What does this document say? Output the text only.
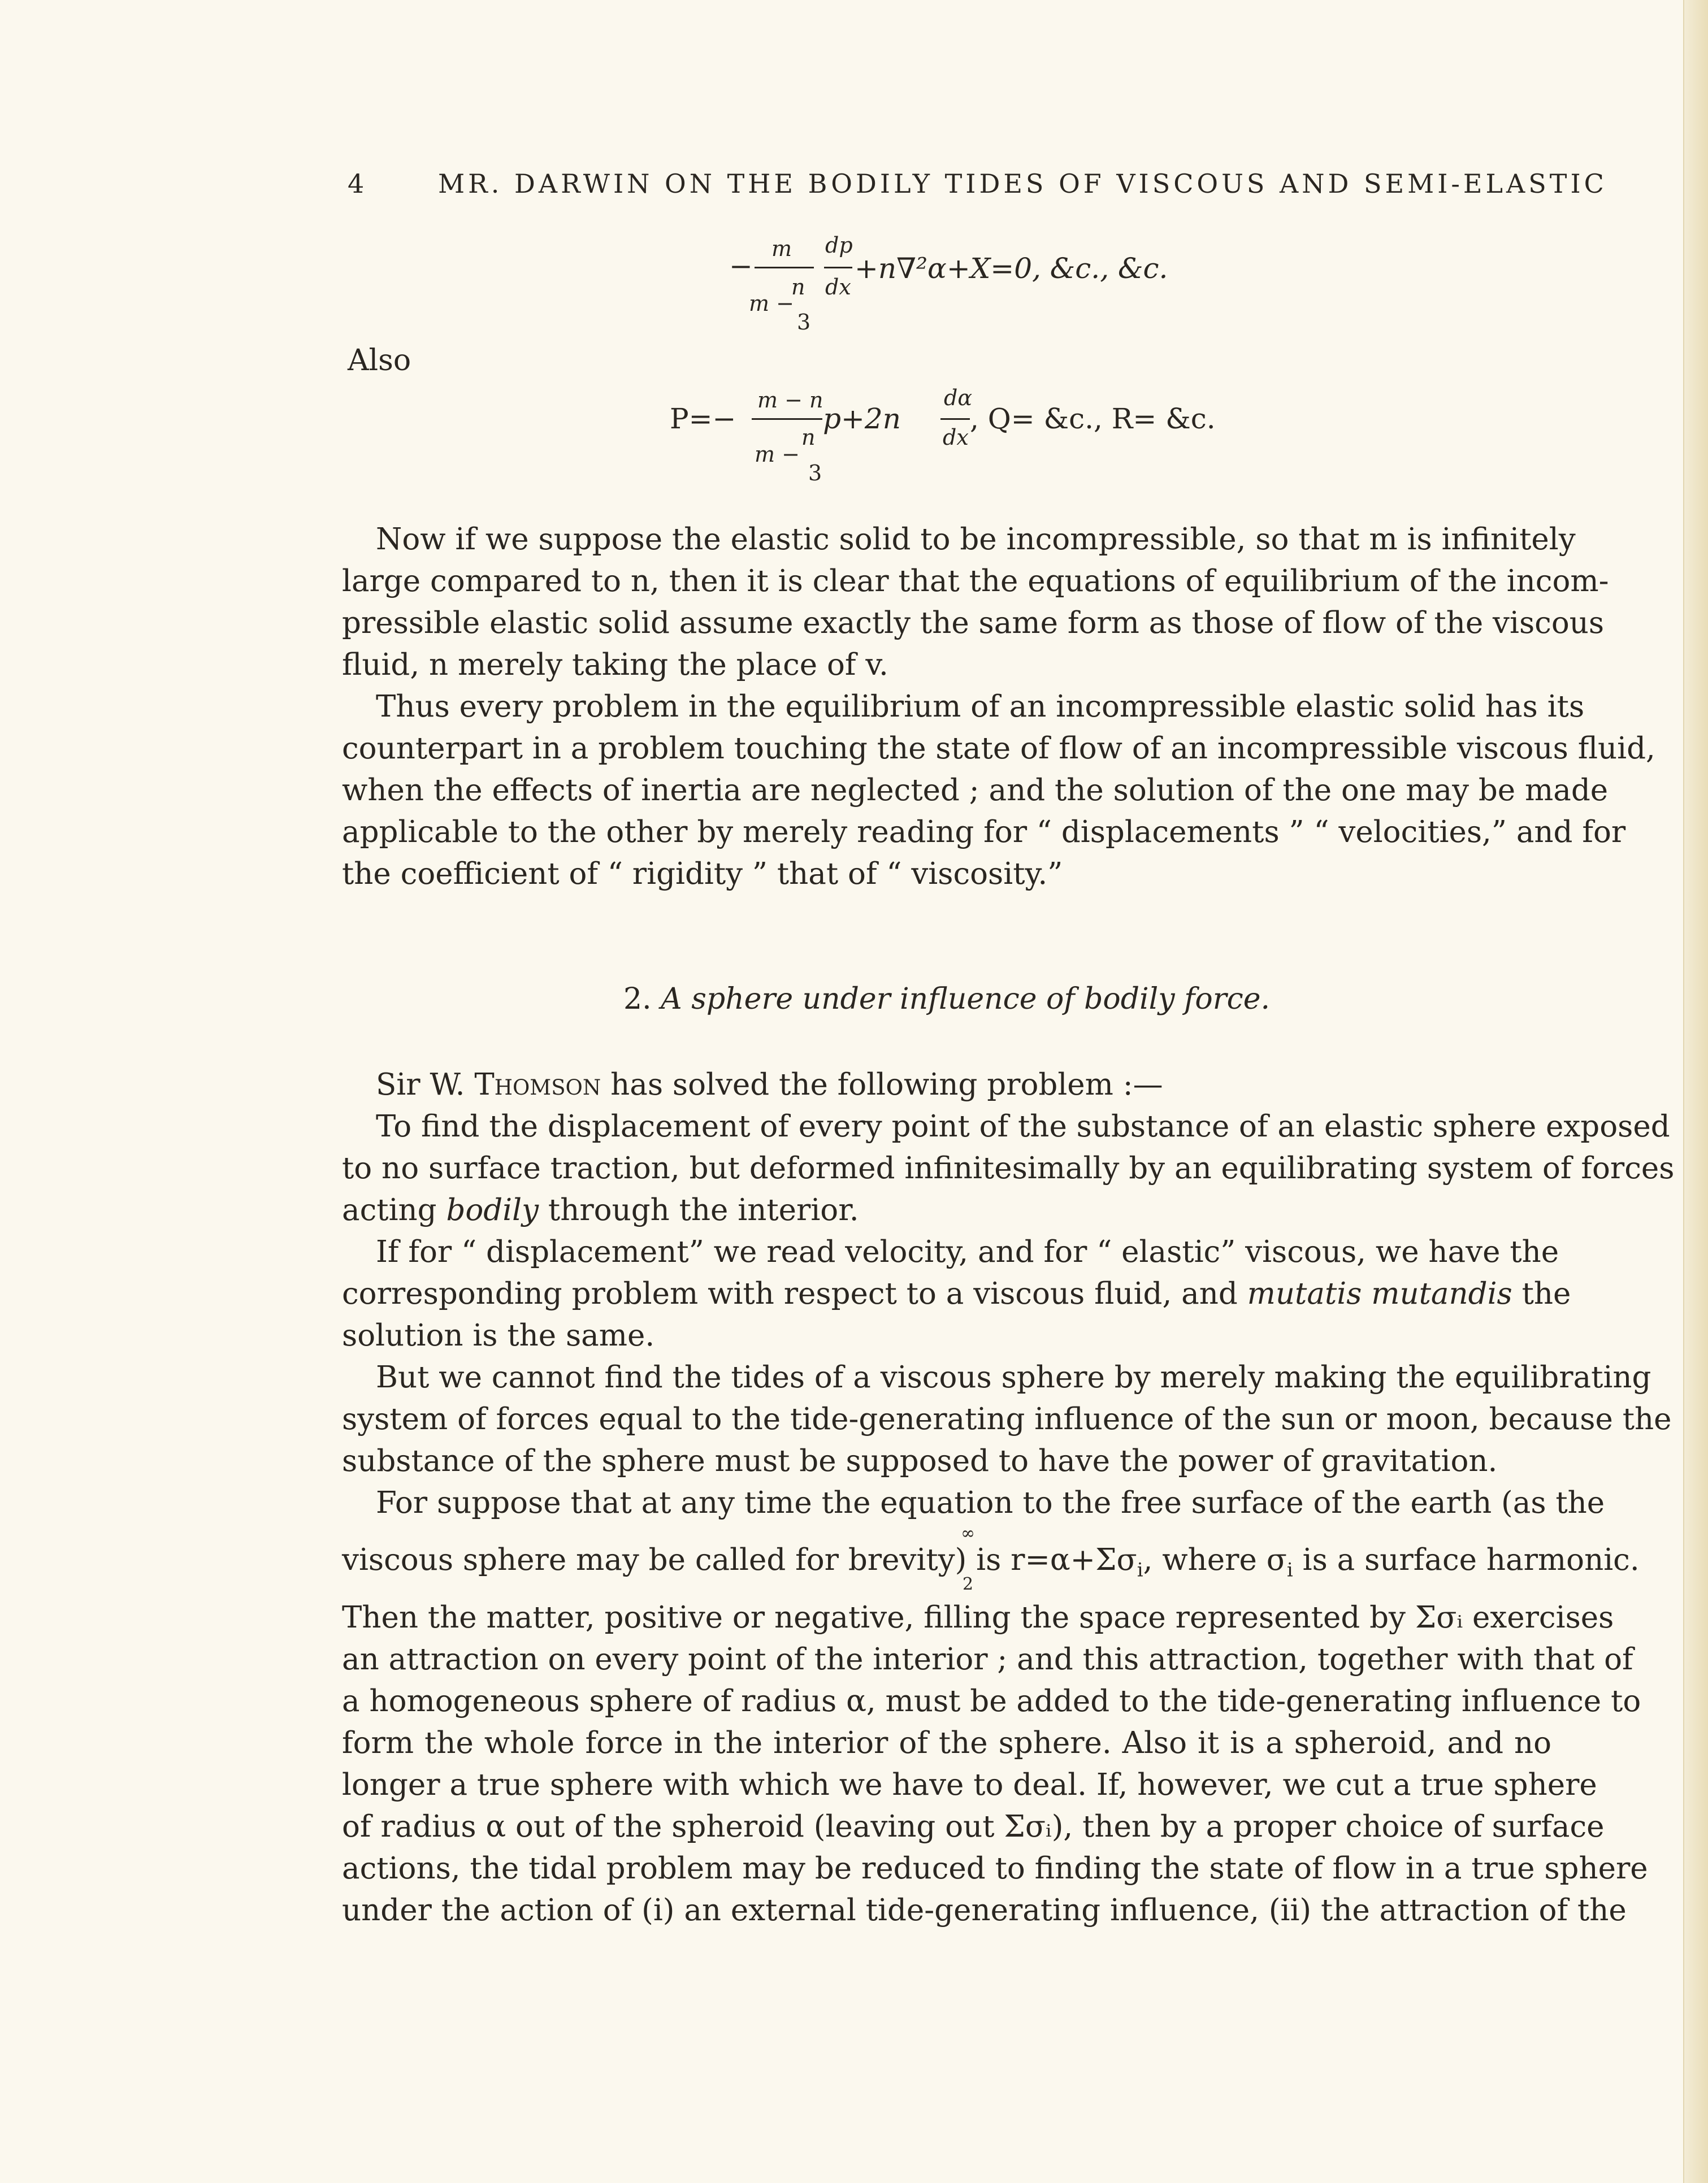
4	MR. DARWIN ON THE BODILY TIDES OF VISCOUS AND SEMI-ELASTIC
−
m
n
m −
3
dp
dx
+n∇²α+X=0, &c., &c.
Also
P=−
m − n
n
m −
3
p+2n
dα
dx
, Q= &c., R= &c.
Now if we suppose the elastic solid to be incompressible, so that m is infinitely
large compared to n, then it is clear that the equations of equilibrium of the incom-
pressible elastic solid assume exactly the same form as those of flow of the viscous
fluid, n merely taking the place of v.
Thus every problem in the equilibrium of an incompressible elastic solid has its
counterpart in a problem touching the state of flow of an incompressible viscous fluid,
when the effects of inertia are neglected ; and the solution of the one may be made
applicable to the other by merely reading for “ displacements ” “ velocities,” and for
the coefficient of “ rigidity ” that of “ viscosity.”
2. A sphere under influence of bodily force.
Sir W. Thomson has solved the following problem :—
To find the displacement of every point of the substance of an elastic sphere exposed
to no surface traction, but deformed infinitesimally by an equilibrating system of forces
acting bodily through the interior.
If for “ displacement” we read velocity, and for “ elastic” viscous, we have the
corresponding problem with respect to a viscous fluid, and mutatis mutandis the
solution is the same.
But we cannot find the tides of a viscous sphere by merely making the equilibrating
system of forces equal to the tide-generating influence of the sun or moon, because the
substance of the sphere must be supposed to have the power of gravitation.
For suppose that at any time the equation to the free surface of the earth (as the
∞
viscous sphere may be called for brevity) is $r=\alpha+\Sigma\sigma_i$, where $\sigma_i$ is a surface harmonic.
2
Then the matter, positive or negative, filling the space represented by Σσᵢ exercises
an attraction on every point of the interior ; and this attraction, together with that of
a homogeneous sphere of radius α, must be added to the tide-generating influence to
form the whole force in the interior of the sphere. Also it is a spheroid, and no
longer a true sphere with which we have to deal. If, however, we cut a true sphere
of radius α out of the spheroid (leaving out Σσᵢ), then by a proper choice of surface
actions, the tidal problem may be reduced to finding the state of flow in a true sphere
under the action of (i) an external tide-generating influence, (ii) the attraction of the
